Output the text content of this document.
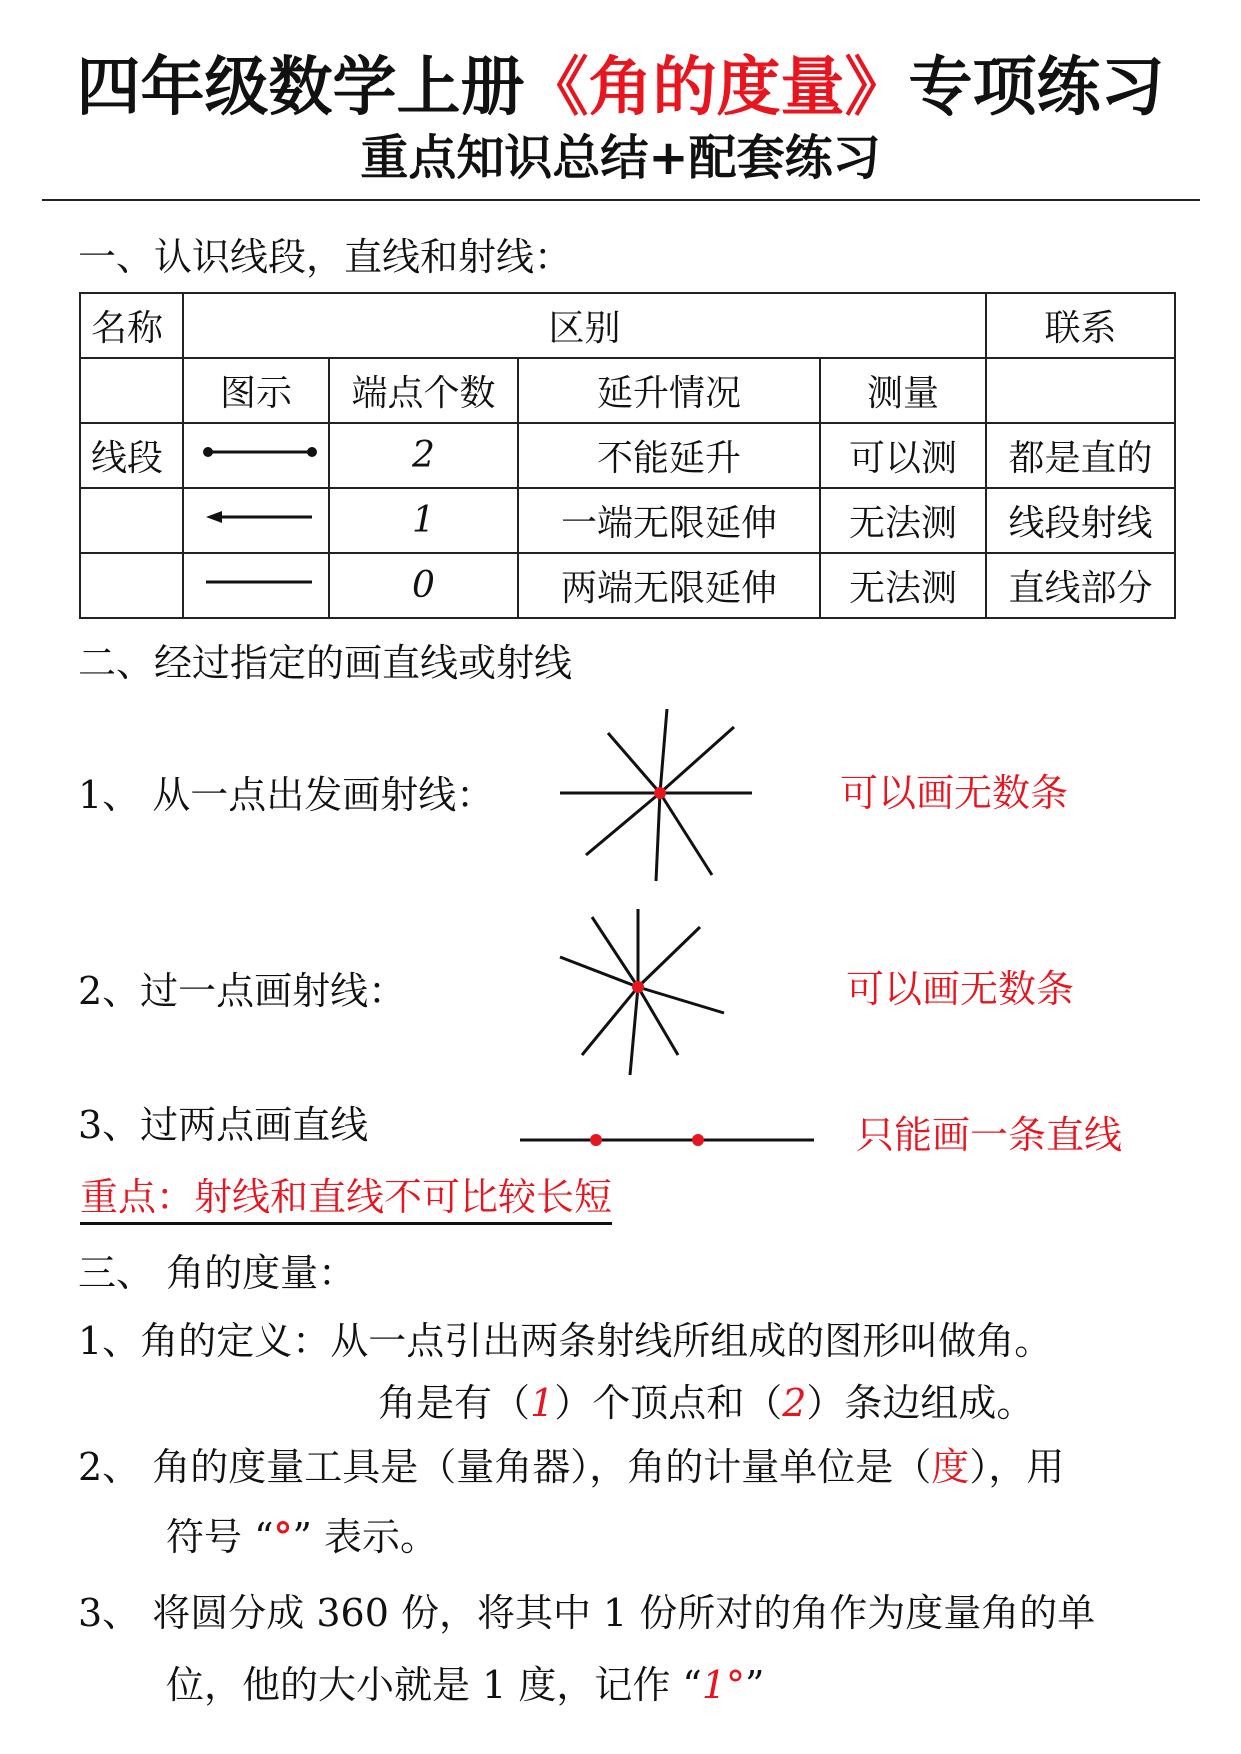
四年级数学上册《角的度量》专项练习
重点知识总结+配套练习
一、认识线段，直线和射线：
名称	区别				联系
	图示	端点个数	延升情况	测量	
线段		2	不能延升	可以测	都是直的
		1	一端无限延伸	无法测	线段射线
		0	两端无限延伸	无法测	直线部分
二、经过指定的画直线或射线
1、 从一点出发画射线：	可以画无数条
2、过一点画射线：	可以画无数条
3、过两点画直线	只能画一条直线
重点：射线和直线不可比较长短
三、 角的度量：
1、角的定义：从一点引出两条射线所组成的图形叫做角。
角是有（1）个顶点和（2）条边组成。
2、 角的度量工具是（量角器），角的计量单位是（度），用
符号 “°” 表示。
3、 将圆分成 360 份，将其中 1 份所对的角作为度量角的单
位，他的大小就是 1 度，记作 “1°”
